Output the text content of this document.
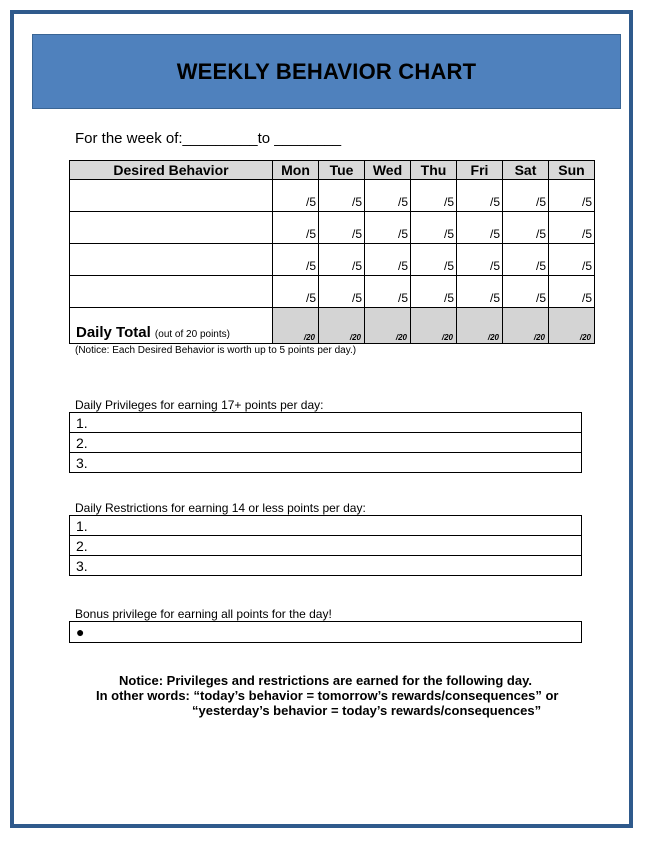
WEEKLY BEHAVIOR CHART
For the week of:_________to ________
Desired Behavior	Mon	Tue	Wed	Thu	Fri	Sat	Sun
	/5	/5	/5	/5	/5	/5	/5
	/5	/5	/5	/5	/5	/5	/5
	/5	/5	/5	/5	/5	/5	/5
	/5	/5	/5	/5	/5	/5	/5
Daily Total (out of 20 points)	/20	/20	/20	/20	/20	/20	/20
(Notice: Each Desired Behavior is worth up to 5 points per day.)
Daily Privileges for earning 17+ points per day:
1.
2.
3.
Daily Restrictions for earning 14 or less points per day:
1.
2.
3.
Bonus privilege for earning all points for the day!
●
Notice: Privileges and restrictions are earned for the following day.
In other words: “today’s behavior = tomorrow’s rewards/consequences” or
“yesterday’s behavior = today’s rewards/consequences”
